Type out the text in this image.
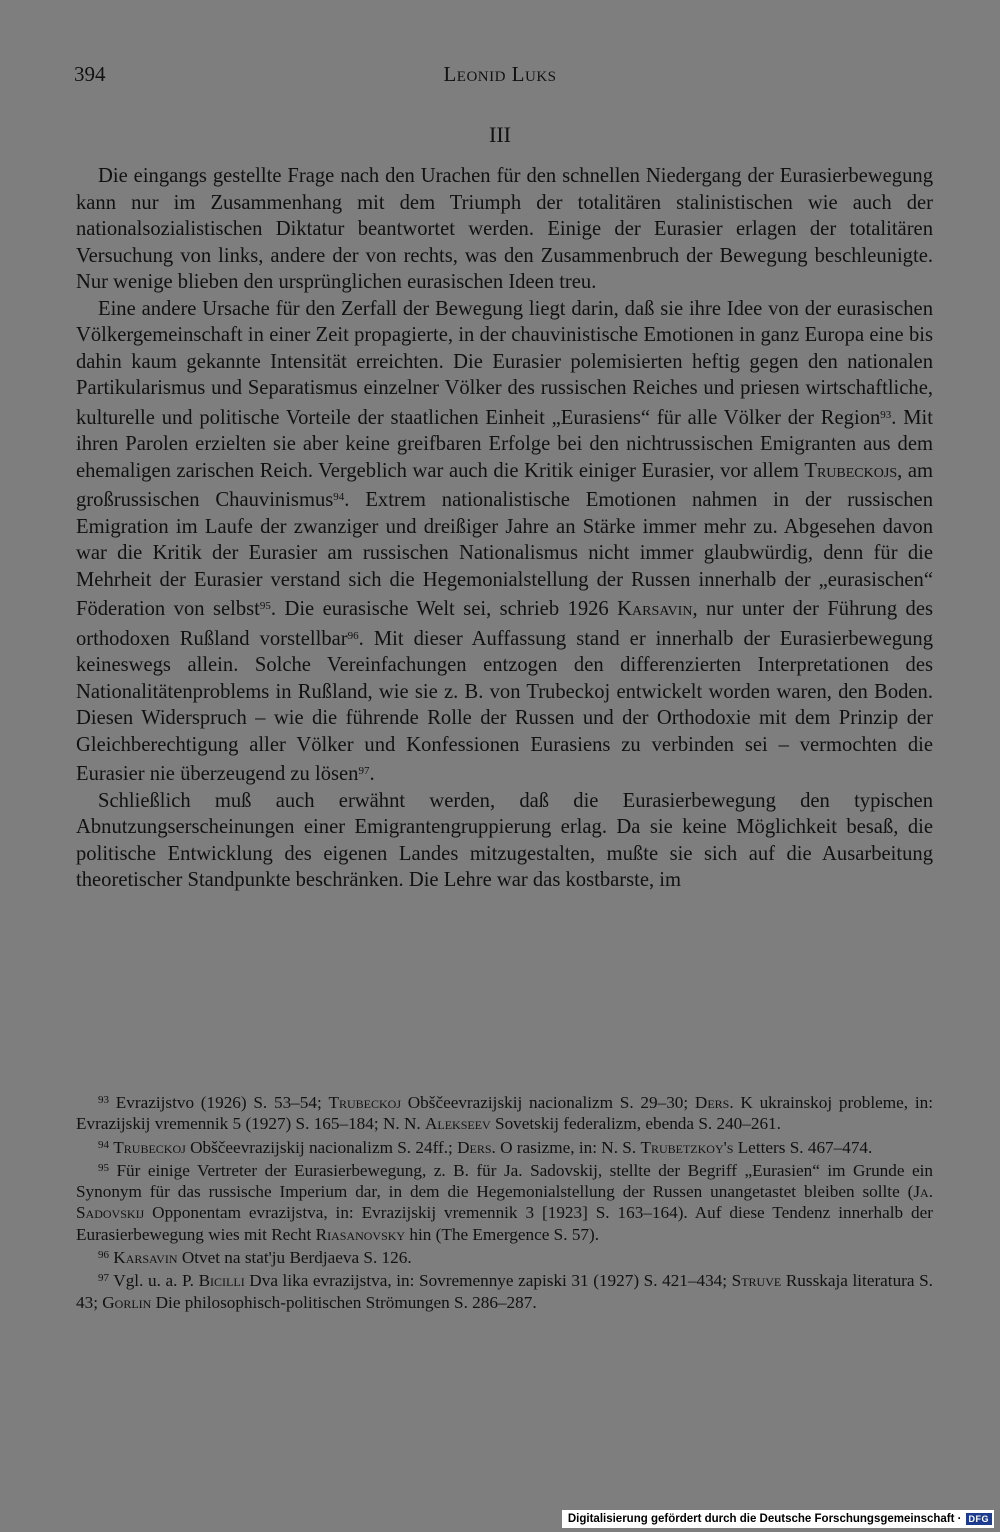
394	Leonid Luks
III

Die eingangs gestellte Frage nach den Urachen für den schnellen Niedergang der Eurasierbewegung kann nur im Zusammenhang mit dem Triumph der totalitären stalinistischen wie auch der nationalsozialistischen Diktatur beantwortet werden. Einige der Eurasier erlagen der totalitären Versuchung von links, andere der von rechts, was den Zusammenbruch der Bewegung beschleunigte. Nur wenige blieben den ursprünglichen eurasischen Ideen treu.

Eine andere Ursache für den Zerfall der Bewegung liegt darin, daß sie ihre Idee von der eurasischen Völkergemeinschaft in einer Zeit propagierte, in der chauvinistische Emotionen in ganz Europa eine bis dahin kaum gekannte Intensität erreichten. Die Eurasier polemisierten heftig gegen den nationalen Partikularismus und Separatismus einzelner Völker des russischen Reiches und priesen wirtschaftliche, kulturelle und politische Vorteile der staatlichen Einheit „Eurasiens“ für alle Völker der Region$^{93}$. Mit ihren Parolen erzielten sie aber keine greifbaren Erfolge bei den nichtrussischen Emigranten aus dem ehemaligen zarischen Reich. Vergeblich war auch die Kritik einiger Eurasier, vor allem Trubeckojs, am großrussischen Chauvinismus$^{94}$. Extrem nationalistische Emotionen nahmen in der russischen Emigration im Laufe der zwanziger und dreißiger Jahre an Stärke immer mehr zu. Abgesehen davon war die Kritik der Eurasier am russischen Nationalismus nicht immer glaubwürdig, denn für die Mehrheit der Eurasier verstand sich die Hegemonialstellung der Russen innerhalb der „eurasischen“ Föderation von selbst$^{95}$. Die eurasische Welt sei, schrieb 1926 Karsavin, nur unter der Führung des orthodoxen Rußland vorstellbar$^{96}$. Mit dieser Auffassung stand er innerhalb der Eurasierbewegung keineswegs allein. Solche Vereinfachungen entzogen den differenzierten Interpretationen des Nationalitätenproblems in Rußland, wie sie z. B. von Trubeckoj entwickelt worden waren, den Boden. Diesen Widerspruch – wie die führende Rolle der Russen und der Orthodoxie mit dem Prinzip der Gleichberechtigung aller Völker und Konfessionen Eurasiens zu verbinden sei – vermochten die Eurasier nie überzeugend zu lösen$^{97}$.

Schließlich muß auch erwähnt werden, daß die Eurasierbewegung den typischen Abnutzungserscheinungen einer Emigrantengruppierung erlag. Da sie keine Möglichkeit besaß, die politische Entwicklung des eigenen Landes mitzugestalten, mußte sie sich auf die Ausarbeitung theoretischer Standpunkte beschränken. Die Lehre war das kostbarste, im

$^{93}$ Evrazijstvo (1926) S. 53–54; Trubeckoj Obščeevrazijskij nacionalizm S. 29–30; Ders. K ukrainskoj probleme, in: Evrazijskij vremennik 5 (1927) S. 165–184; N. N. Alekseev Sovetskij federalizm, ebenda S. 240–261.

$^{94}$ Trubeckoj Obščeevrazijskij nacionalizm S. 24ff.; Ders. O rasizme, in: N. S. Trubetzkoy's Letters S. 467–474.

$^{95}$ Für einige Vertreter der Eurasierbewegung, z. B. für Ja. Sadovskij, stellte der Begriff „Eurasien“ im Grunde ein Synonym für das russische Imperium dar, in dem die Hegemonialstellung der Russen unangetastet bleiben sollte (Ja. Sadovskij Opponentam evrazijstva, in: Evrazijskij vremennik 3 [1923] S. 163–164). Auf diese Tendenz innerhalb der Eurasierbewegung wies mit Recht Riasanovsky hin (The Emergence S. 57).

$^{96}$ Karsavin Otvet na stat'ju Berdjaeva S. 126.

$^{97}$ Vgl. u. a. P. Bicilli Dva lika evrazijstva, in: Sovremennye zapiski 31 (1927) S. 421–434; Struve Russkaja literatura S. 43; Gorlin Die philosophisch-politischen Strömungen S. 286–287.

Digitalisierung gefördert durch die Deutsche Forschungsgemeinschaft · DFG
